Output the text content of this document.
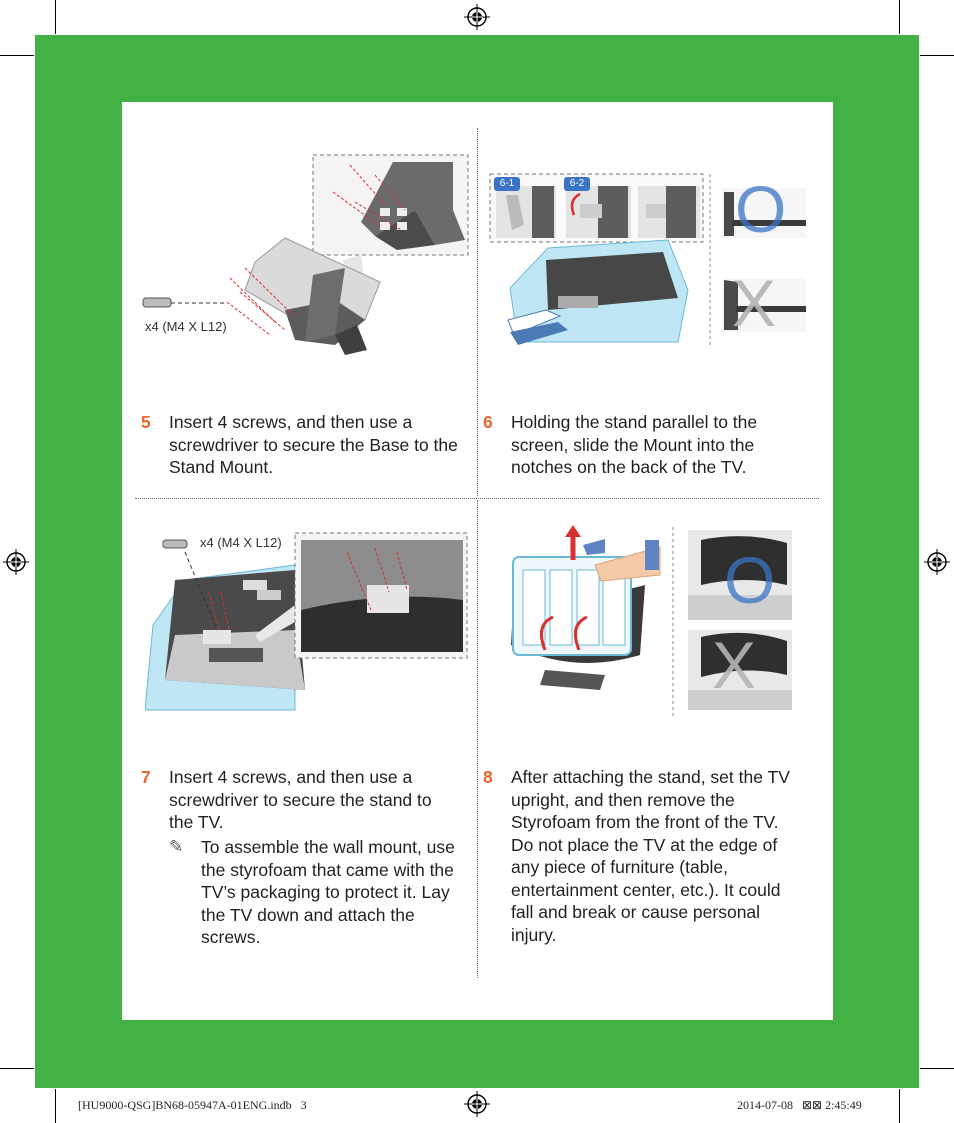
x4 (M4 X L12)
6-1	6-2 O
X
5 Insert 4 screws, and then use a screwdriver to secure the Base to the Stand Mount.
6 Holding the stand parallel to the screen, slide the Mount into the notches on the back of the TV.
x4 (M4 X L12)
O
X
7 Insert 4 screws, and then use a screwdriver to secure the stand to the TV.
✎ To assemble the wall mount, use the styrofoam that came with the TV’s packaging to protect it. Lay the TV down and attach the screws.
8 After attaching the stand, set the TV upright, and then remove the Styrofoam from the front of the TV. Do not place the TV at the edge of any piece of furniture (table, entertainment center, etc.). It could fall and break or cause personal injury.
[HU9000-QSG]BN68-05947A-01ENG.indb   3	2014-07-08   ⊠⊠ 2:45:49
